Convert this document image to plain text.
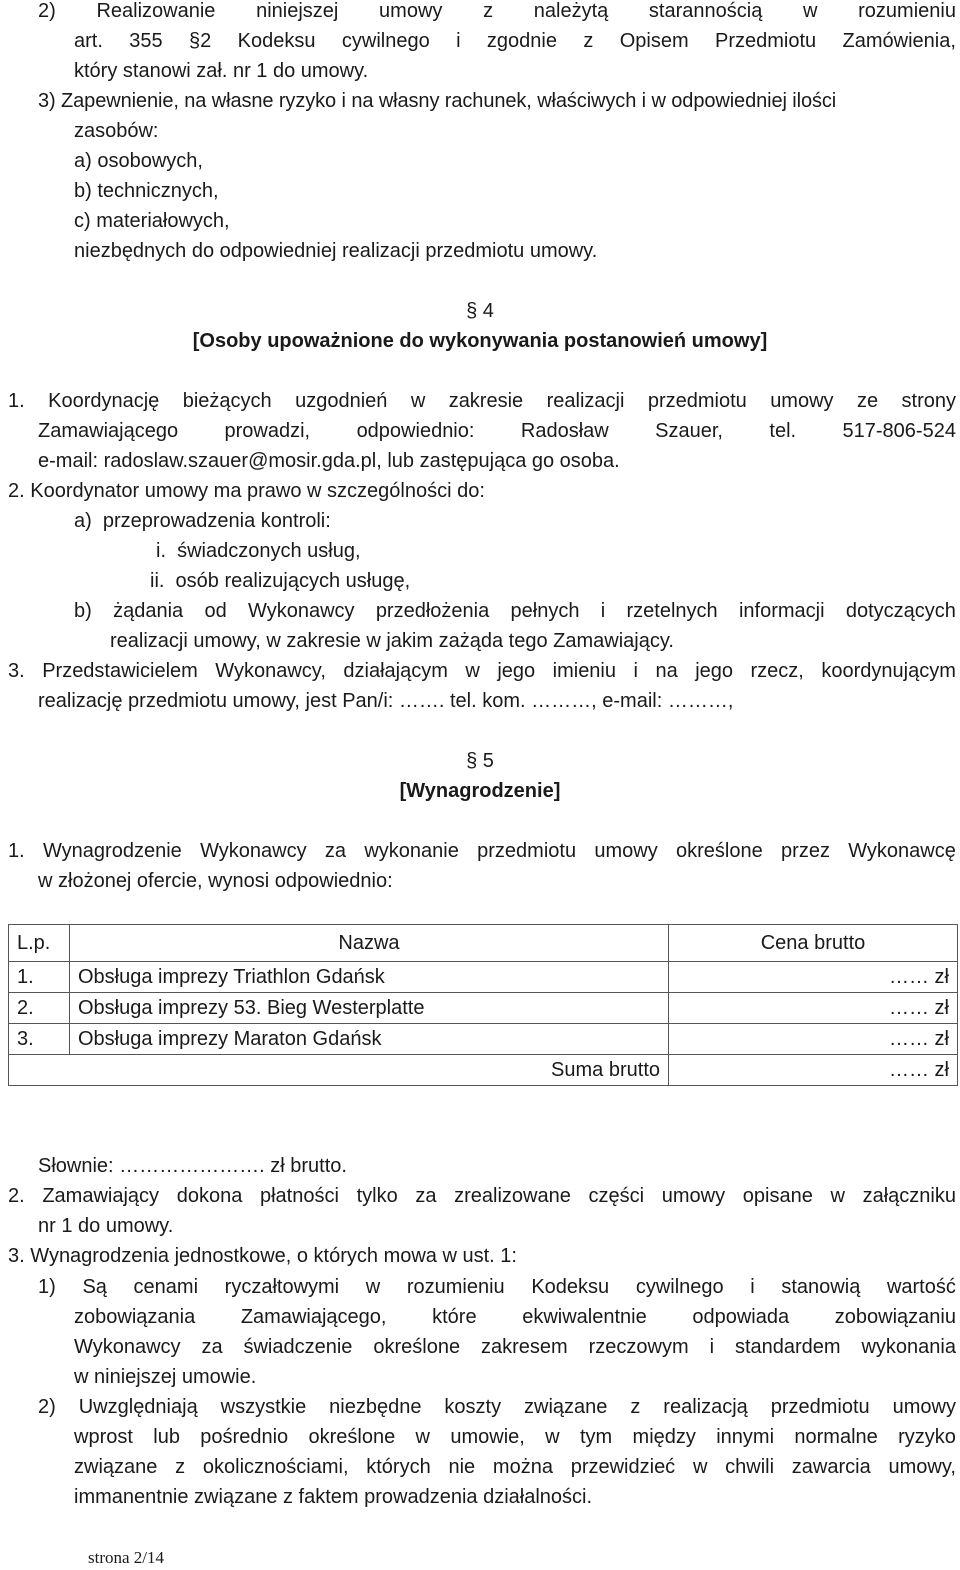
2) Realizowanie niniejszej umowy z należytą starannością w rozumieniu
art. 355 §2 Kodeksu cywilnego i zgodnie z Opisem Przedmiotu Zamówienia,
który stanowi zał. nr 1 do umowy.
3) Zapewnienie, na własne ryzyko i na własny rachunek, właściwych i w odpowiedniej ilości
zasobów:
a) osobowych,
b) technicznych,
c) materiałowych,
niezbędnych do odpowiedniej realizacji przedmiotu umowy.
§ 4
[Osoby upoważnione do wykonywania postanowień umowy]
1. Koordynację bieżących uzgodnień w zakresie realizacji przedmiotu umowy ze strony
Zamawiającego prowadzi, odpowiednio: Radosław Szauer, tel. 517-806-524
e-mail: radoslaw.szauer@mosir.gda.pl, lub zastępująca go osoba.
2. Koordynator umowy ma prawo w szczególności do:
a)  przeprowadzenia kontroli:
i.  świadczonych usług,
ii.  osób realizujących usługę,
b) żądania od Wykonawcy przedłożenia pełnych i rzetelnych informacji dotyczących
realizacji umowy, w zakresie w jakim zażąda tego Zamawiający.
3. Przedstawicielem Wykonawcy, działającym w jego imieniu i na jego rzecz, koordynującym
realizację przedmiotu umowy, jest Pan/i: ……. tel. kom. ………, e-mail: ………,
§ 5
[Wynagrodzenie]
1. Wynagrodzenie Wykonawcy za wykonanie przedmiotu umowy określone przez Wykonawcę
w złożonej ofercie, wynosi odpowiednio:
L.p.	Nazwa	Cena brutto
1.	Obsługa imprezy Triathlon Gdańsk	…… zł
2.	Obsługa imprezy 53. Bieg Westerplatte	…… zł
3.	Obsługa imprezy Maraton Gdańsk	…… zł
	Suma brutto	…… zł
Słownie: …………………. zł brutto.
2. Zamawiający dokona płatności tylko za zrealizowane części umowy opisane w załączniku
nr 1 do umowy.
3. Wynagrodzenia jednostkowe, o których mowa w ust. 1:
1) Są cenami ryczałtowymi w rozumieniu Kodeksu cywilnego i stanowią wartość
zobowiązania Zamawiającego, które ekwiwalentnie odpowiada zobowiązaniu
Wykonawcy za świadczenie określone zakresem rzeczowym i standardem wykonania
w niniejszej umowie.
2) Uwzględniają wszystkie niezbędne koszty związane z realizacją przedmiotu umowy
wprost lub pośrednio określone w umowie, w tym między innymi normalne ryzyko
związane z okolicznościami, których nie można przewidzieć w chwili zawarcia umowy,
immanentnie związane z faktem prowadzenia działalności.
strona 2/14
